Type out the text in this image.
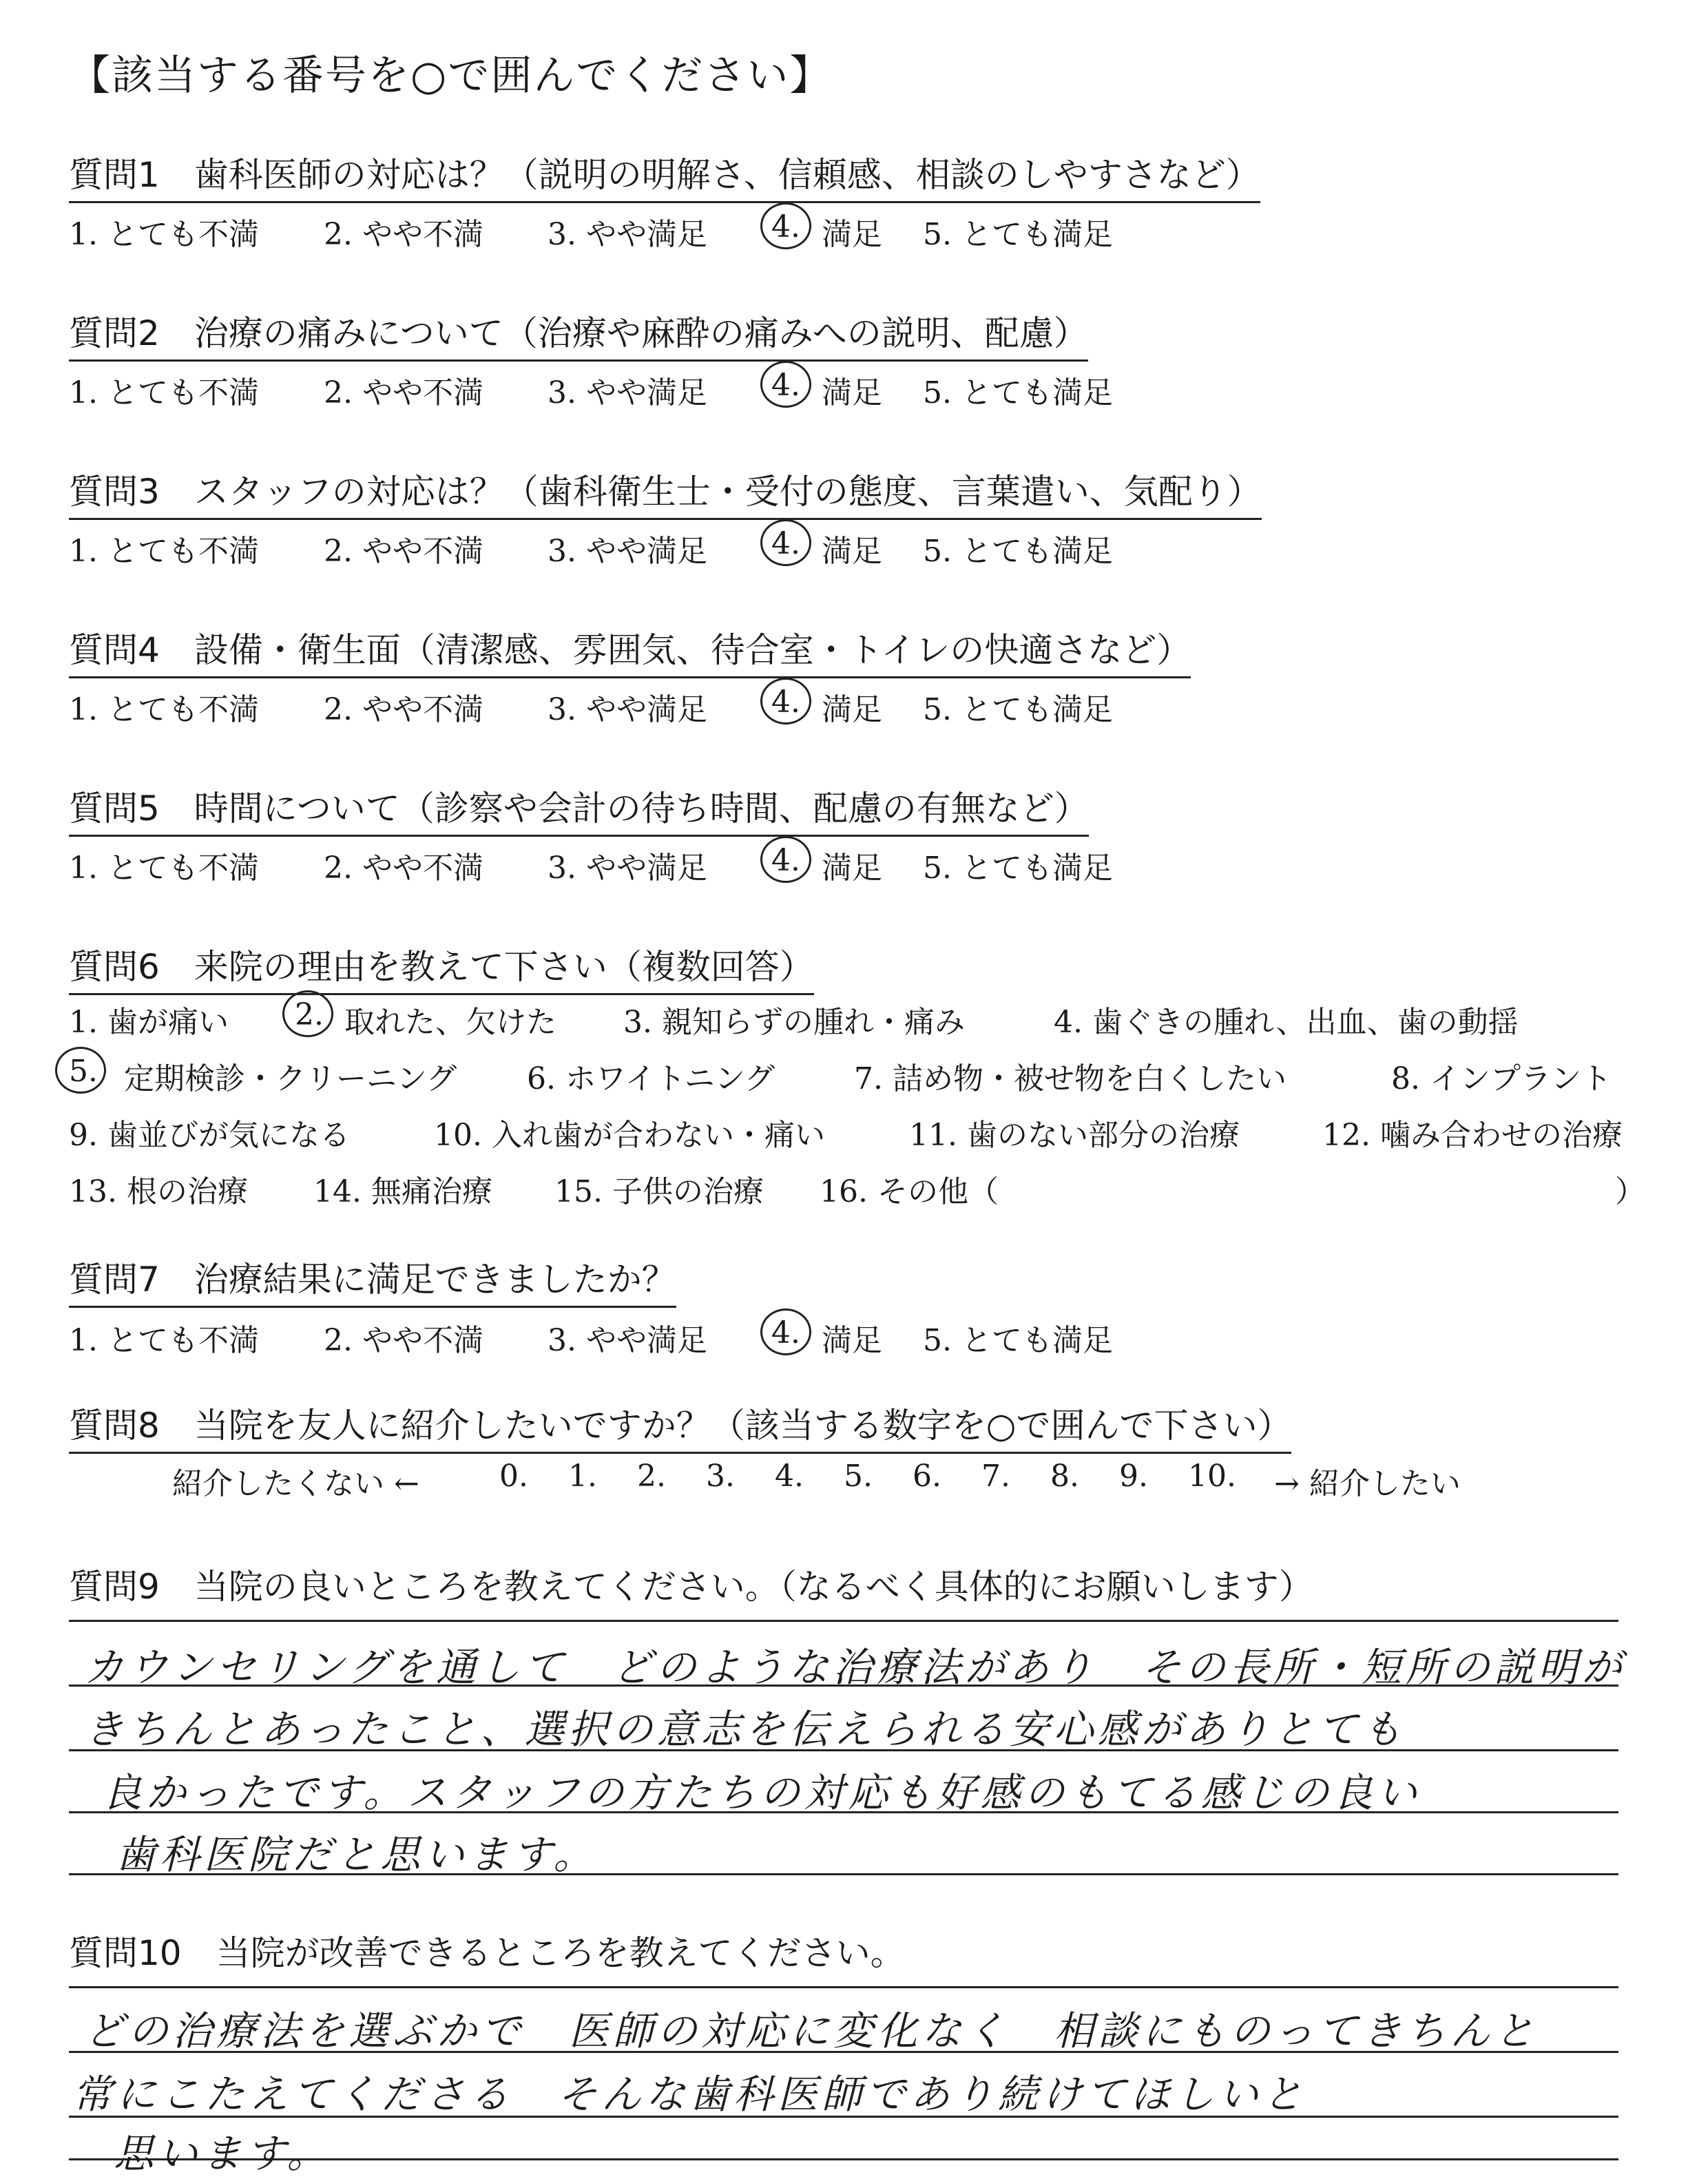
【該当する番号を○で囲んでください】
質問1　歯科医師の対応は？（説明の明解さ、信頼感、相談のしやすさなど）
1. とても不満 2. やや不満 3. やや満足 4. 満足 5. とても満足
質問2　治療の痛みについて（治療や麻酔の痛みへの説明、配慮）
1. とても不満 2. やや不満 3. やや満足 4. 満足 5. とても満足
質問3　スタッフの対応は？（歯科衛生士・受付の態度、言葉遣い、気配り）
1. とても不満 2. やや不満 3. やや満足 4. 満足 5. とても満足
質問4　設備・衛生面（清潔感、雰囲気、待合室・トイレの快適さなど）
1. とても不満 2. やや不満 3. やや満足 4. 満足 5. とても満足
質問5　時間について（診察や会計の待ち時間、配慮の有無など）
1. とても不満 2. やや不満 3. やや満足 4. 満足 5. とても満足
質問6　来院の理由を教えて下さい（複数回答）
1. 歯が痛い 2. 取れた、欠けた 3. 親知らずの腫れ・痛み	4. 歯ぐきの腫れ、出血、歯の動揺
5. 定期検診・クリーニング 6. ホワイトニング	7. 詰め物・被せ物を白くしたい	8. インプラント
9. 歯並びが気になる	10. 入れ歯が合わない・痛い	11. 歯のない部分の治療	12. 噛み合わせの治療
13. 根の治療 14. 無痛治療 15. 子供の治療 16. その他（	）
質問7　治療結果に満足できましたか？
1. とても不満 2. やや不満 3. やや満足 4. 満足 5. とても満足
質問8　当院を友人に紹介したいですか？（該当する数字を○で囲んで下さい）
紹介したくない ←	0. 1. 2. 3. 4. 5. 6. 7. 8. 9. 10. → 紹介したい
質問9　当院の良いところを教えてください。（なるべく具体的にお願いします）
カウンセリングを通して　どのような治療法があり　その長所・短所の説明が
きちんとあったこと、選択の意志を伝えられる安心感がありとても
良かったです。スタッフの方たちの対応も好感のもてる感じの良い
歯科医院だと思います。
質問10　当院が改善できるところを教えてください。
どの治療法を選ぶかで　医師の対応に変化なく　相談にものってきちんと
常にこたえてくださる　そんな歯科医師であり続けてほしいと
思います。
